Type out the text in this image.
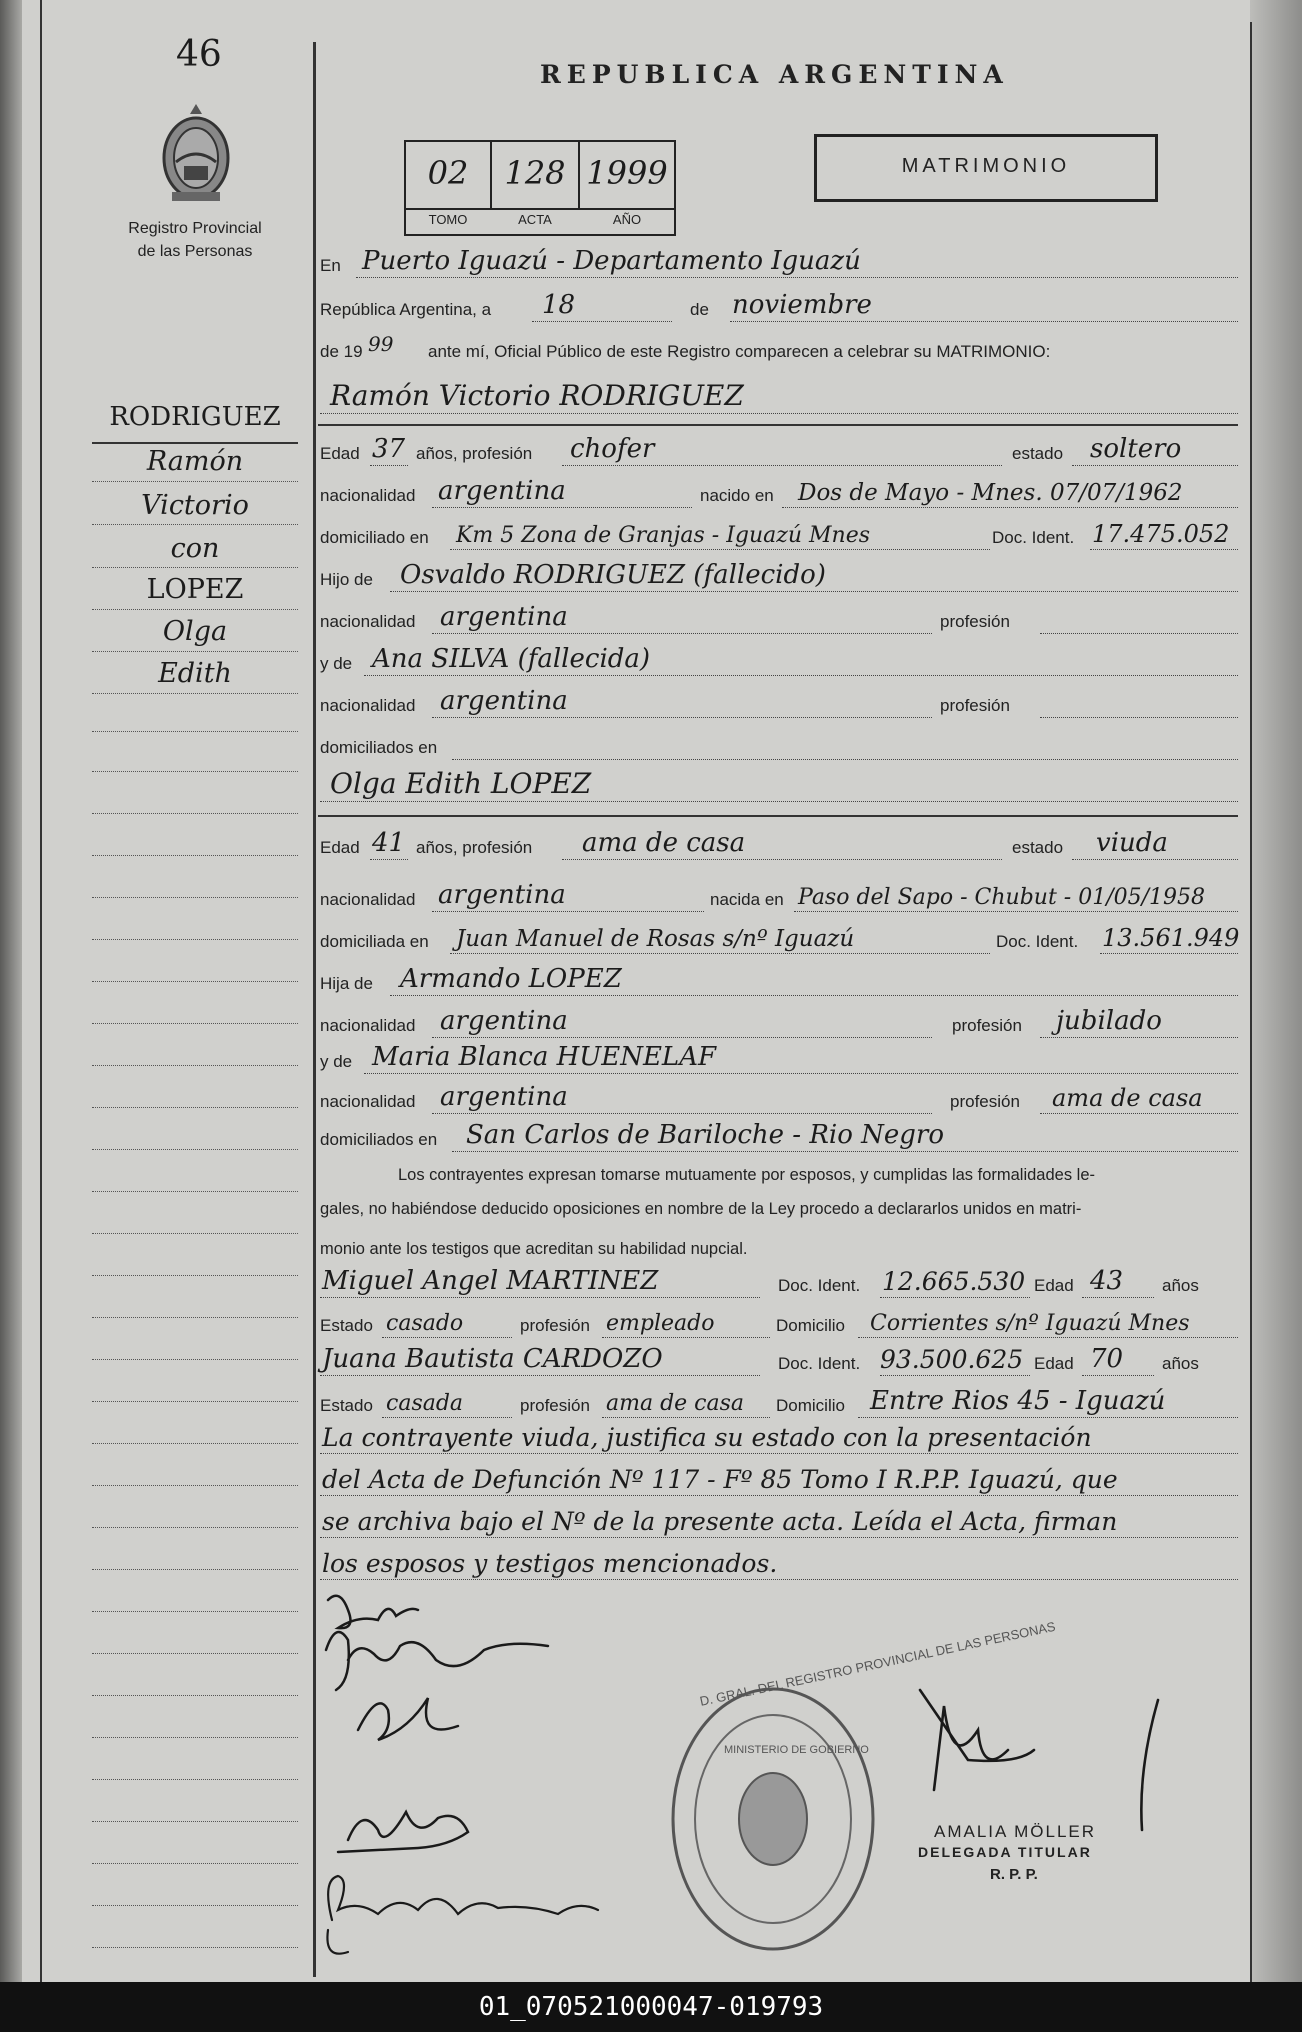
46
Registro Provincial
de las Personas
REPUBLICA ARGENTINA
02	128 1999
TOMO	ACTA	AÑO
MATRIMONIO
En Puerto Iguazú - Departamento Iguazú
República Argentina, a 18	de noviembre
de 19 99 ante mí, Oficial Público de este Registro comparecen a celebrar su MATRIMONIO:
RODRIGUEZ
Ramón
Victorio
con
LOPEZ
Olga
Edith
Ramón Victorio RODRIGUEZ
Edad 37 años, profesión chofer	estado soltero
nacionalidad argentina	nacido en Dos de Mayo - Mnes. 07/07/1962
domiciliado en Km 5 Zona de Granjas - Iguazú Mnes	Doc. Ident. 17.475.052
Hijo de Osvaldo RODRIGUEZ (fallecido)
nacionalidad argentina	profesión
y de Ana SILVA (fallecida)
nacionalidad argentina	profesión
domiciliados en
Olga Edith LOPEZ
Edad 41 años, profesión ama de casa	estado viuda
nacionalidad argentina	nacida en Paso del Sapo - Chubut - 01/05/1958
domiciliada en Juan Manuel de Rosas s/nº Iguazú	Doc. Ident. 13.561.949
Hija de Armando LOPEZ
nacionalidad argentina	profesión jubilado
y de Maria Blanca HUENELAF
nacionalidad argentina	profesión ama de casa
domiciliados en San Carlos de Bariloche - Rio Negro
Los contrayentes expresan tomarse mutuamente por esposos, y cumplidas las formalidades le-
gales, no habiéndose deducido oposiciones en nombre de la Ley procedo a declararlos unidos en matri-
monio ante los testigos que acreditan su habilidad nupcial.
Miguel Angel MARTINEZ	Doc. Ident. 12.665.530 Edad 43 años
Estado casado	profesión empleado	Domicilio Corrientes s/nº Iguazú Mnes
Juana Bautista CARDOZO	Doc. Ident. 93.500.625 Edad 70 años
Estado casada	profesión ama de casa Domicilio Entre Rios 45 - Iguazú
La contrayente viuda, justifica su estado con la presentación
del Acta de Defunción Nº 117 - Fº 85 Tomo I R.P.P. Iguazú, que
se archiva bajo el Nº de la presente acta. Leída el Acta, firman
los esposos y testigos mencionados.
D. GRAL. DEL REGISTRO PROVINCIAL DE LAS PERSONAS
MINISTERIO DE GOBIERNO
AMALIA MÖLLER
DELEGADA TITULAR
R. P. P.
01_070521000047-019793
